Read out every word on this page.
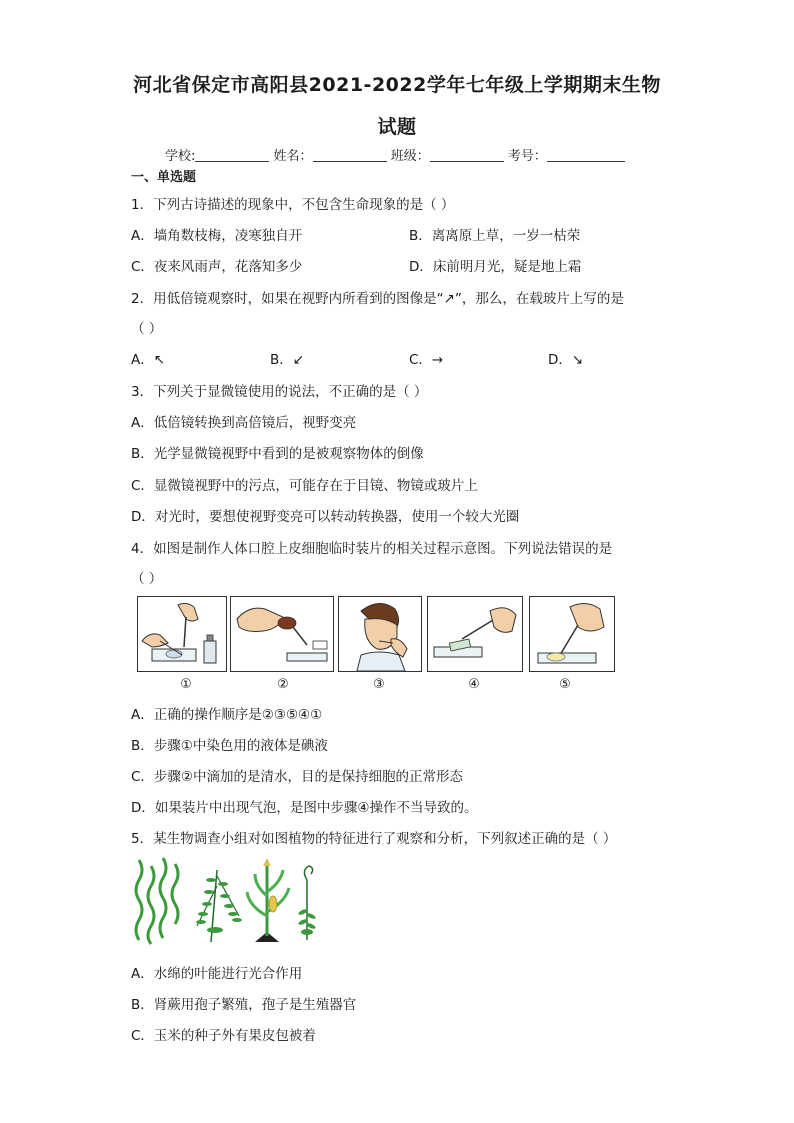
河北省保定市高阳县2021-2022学年七年级上学期期末生物
试题
学校:	姓名：	班级：	考号：
一、单选题
1．下列古诗描述的现象中，不包含生命现象的是（ ）
A．墙角数枝梅，凌寒独自开	B．离离原上草，一岁一枯荣
C．夜来风雨声，花落知多少	D．床前明月光，疑是地上霜
2．用低倍镜观察时，如果在视野内所看到的图像是“↗”，那么，在载玻片上写的是
（ ）
A．↖	B．↙	C．→	D．↘
3．下列关于显微镜使用的说法，不正确的是（ ）
A．低倍镜转换到高倍镜后，视野变亮
B．光学显微镜视野中看到的是被观察物体的倒像
C．显微镜视野中的污点，可能存在于目镜、物镜或玻片上
D．对光时，要想使视野变亮可以转动转换器，使用一个较大光圈
4．如图是制作人体口腔上皮细胞临时装片的相关过程示意图。下列说法错误的是
（ ）
①	②	③	④	⑤
A．正确的操作顺序是②③⑤④①
B．步骤①中染色用的液体是碘液
C．步骤②中滴加的是清水，目的是保持细胞的正常形态
D．如果装片中出现气泡，是图中步骤④操作不当导致的。
5．某生物调查小组对如图植物的特征进行了观察和分析，下列叙述正确的是（ ）
A．水绵的叶能进行光合作用
B．肾蕨用孢子繁殖，孢子是生殖器官
C．玉米的种子外有果皮包被着
